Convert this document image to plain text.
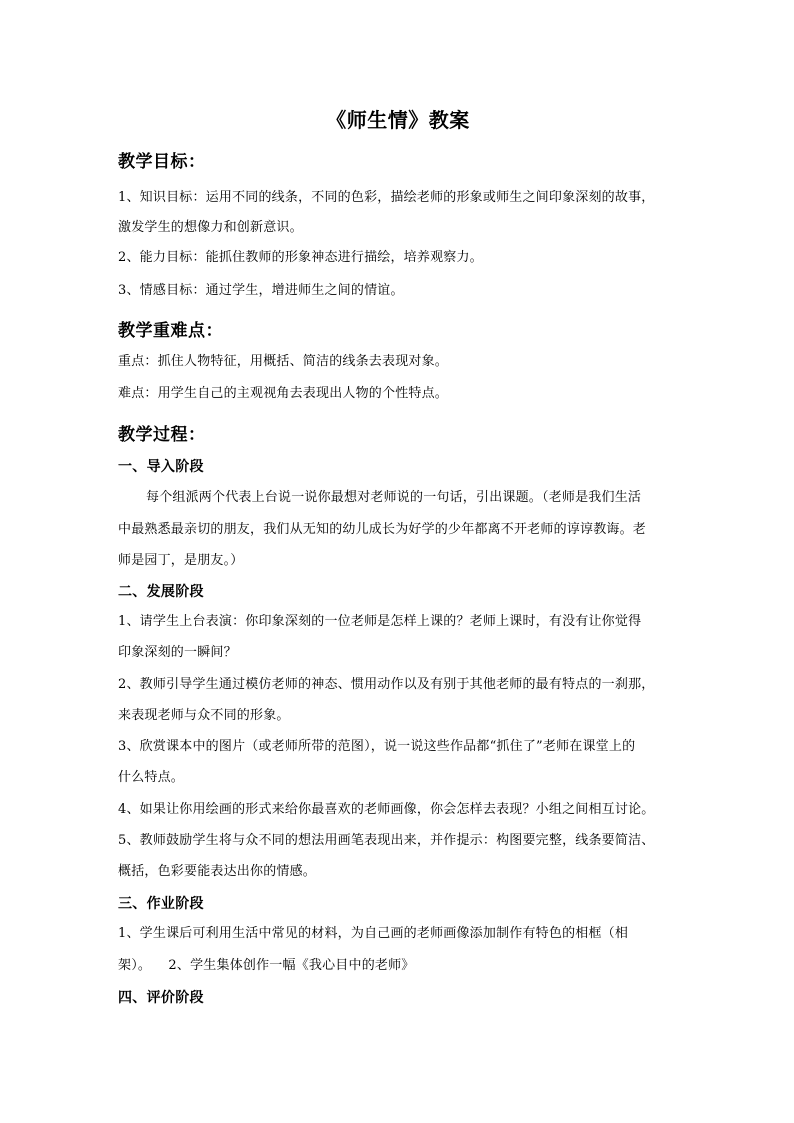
《师生情》教案
教学目标：
1、知识目标：运用不同的线条，不同的色彩，描绘老师的形象或师生之间印象深刻的故事，
激发学生的想像力和创新意识。
2、能力目标：能抓住教师的形象神态进行描绘，培养观察力。
3、情感目标：通过学生，增进师生之间的情谊。
教学重难点：
重点：抓住人物特征，用概括、简洁的线条去表现对象。
难点：用学生自己的主观视角去表现出人物的个性特点。
教学过程：
一、导入阶段
每个组派两个代表上台说一说你最想对老师说的一句话，引出课题。（老师是我们生活
中最熟悉最亲切的朋友，我们从无知的幼儿成长为好学的少年都离不开老师的谆谆教诲。老
师是园丁，是朋友。）
二、发展阶段
1、请学生上台表演：你印象深刻的一位老师是怎样上课的？老师上课时，有没有让你觉得
印象深刻的一瞬间？
2、教师引导学生通过模仿老师的神态、惯用动作以及有别于其他老师的最有特点的一刹那，
来表现老师与众不同的形象。
3、欣赏课本中的图片（或老师所带的范图），说一说这些作品都“抓住了”老师在课堂上的
什么特点。
4、如果让你用绘画的形式来给你最喜欢的老师画像，你会怎样去表现？小组之间相互讨论。
5、教师鼓励学生将与众不同的想法用画笔表现出来，并作提示：构图要完整，线条要简洁、
概括，色彩要能表达出你的情感。
三、作业阶段
1、学生课后可利用生活中常见的材料，为自己画的老师画像添加制作有特色的相框（相
架）。    2、学生集体创作一幅《我心目中的老师》
四、评价阶段
